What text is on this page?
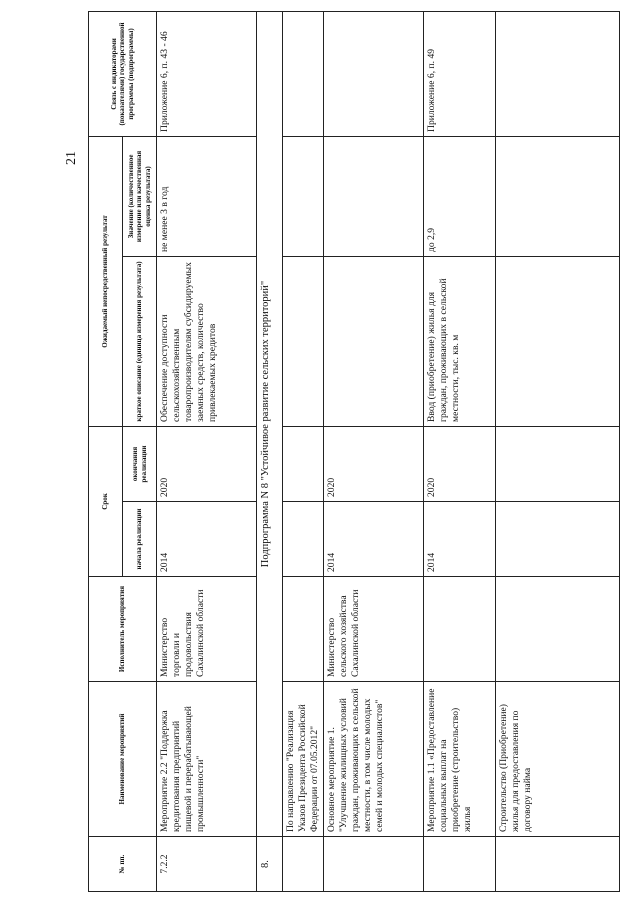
21
№ пп.	Наименование мероприятий	Исполнитель мероприятия	Срок		Ожидаемый непосредственный результат		Связь с индикаторами (показателями) государственной программы (подпрограммы)
			начала реализации	окончания реализации	краткое описание (единица измерения результата)	Значение (количественное измерение или качественная оценка результата)	
7.2.2	Мероприятие 2.2 "Поддержка кредитования предприятий пищевой и перерабатывающей промышленности"	Министерство торговли и продовольствия Сахалинской области	2014	2020	Обеспечение доступности сельскохозяйственным товаропроизводителям субсидируемых заемных средств, количество привлекаемых кредитов	не менее 3 в год	Приложение 6, п. 43 - 46
8.	Подпрограмма N 8 "Устойчивое развитие сельских территорий"						
	По направлению "Реализация Указов Президента Российской Федерации от 07.05.2012"						
	Основное мероприятие 1. "Улучшение жилищных условий граждан, проживающих в сельской местности, в том числе молодых семей и молодых специалистов"	Министерство сельского хозяйства Сахалинской области	2014	2020			
	Мероприятие 1.1 «Предоставление социальных выплат на приобретение (строительство) жилья		2014	2020	Ввод (приобретение) жилья для граждан, проживающих в сельской местности, тыс. кв. м	до 2,9	Приложение 6, п. 49
	Строительство (Приобретение) жилья для предоставления по договору найма						
